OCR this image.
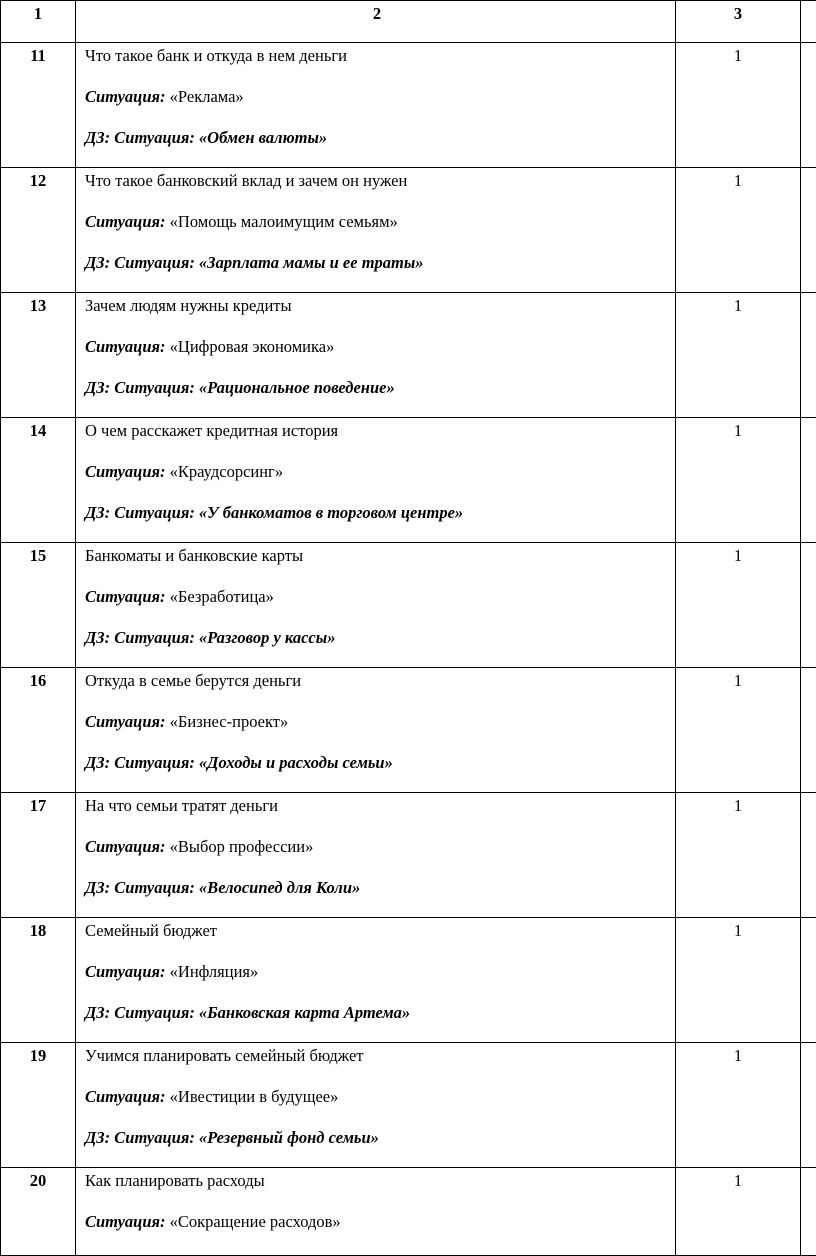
1	2	3	
11	Что такое банк и откуда в нем деньги
Ситуация: «Реклама»
ДЗ: Ситуация: «Обмен валюты»	1	
12	Что такое банковский вклад и зачем он нужен
Ситуация: «Помощь малоимущим семьям»
ДЗ: Ситуация: «Зарплата мамы и ее траты»	1	
13	Зачем людям нужны кредиты
Ситуация: «Цифровая экономика»
ДЗ: Ситуация: «Рациональное поведение»	1	
14	О чем расскажет кредитная история
Ситуация: «Краудсорсинг»
ДЗ: Ситуация: «У банкоматов в торговом центре»	1	
15	Банкоматы и банковские карты
Ситуация: «Безработица»
ДЗ: Ситуация: «Разговор у кассы»	1	
16	Откуда в семье берутся деньги
Ситуация: «Бизнес-проект»
ДЗ: Ситуация: «Доходы и расходы семьи»	1	
17	На что семьи тратят деньги
Ситуация: «Выбор профессии»
ДЗ: Ситуация: «Велосипед для Коли»	1	
18	Семейный бюджет
Ситуация: «Инфляция»
ДЗ: Ситуация: «Банковская карта Артема»	1	
19	Учимся планировать семейный бюджет
Ситуация: «Ивестиции в будущее»
ДЗ: Ситуация: «Резервный фонд семьи»	1	
20	Как планировать расходы
Ситуация: «Сокращение расходов»	1	
